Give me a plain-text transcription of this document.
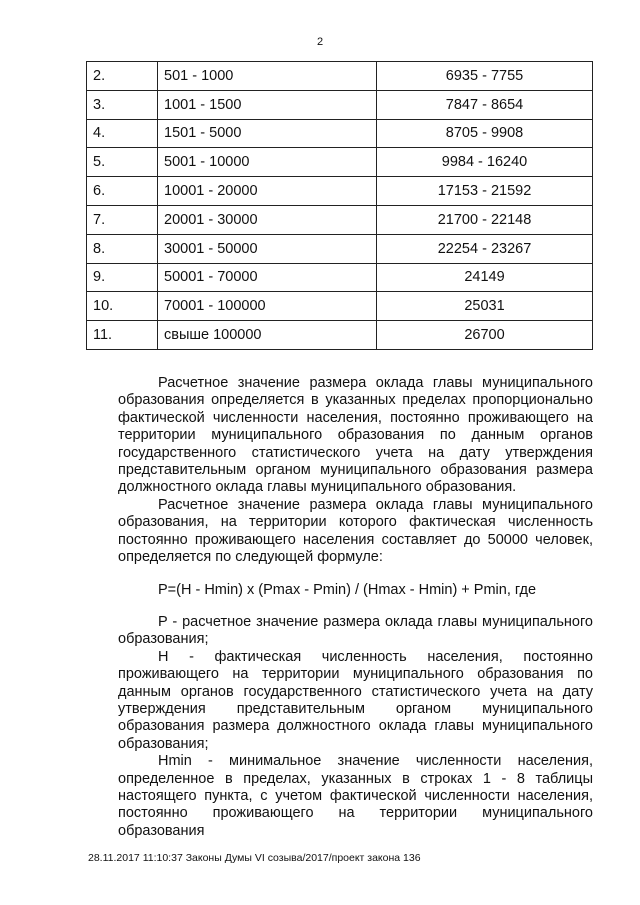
2
2.	501 - 1000	6935 - 7755
3.	1001 - 1500	7847 - 8654
4.	1501 - 5000	8705 - 9908
5.	5001 - 10000	9984 - 16240
6.	10001 - 20000	17153 - 21592
7.	20001 - 30000	21700 - 22148
8.	30001 - 50000	22254 - 23267
9.	50001 - 70000	24149
10.	70001 - 100000	25031
11.	свыше 100000	26700

Расчетное значение размера оклада главы муниципального образования определяется в указанных пределах пропорционально фактической численности населения, постоянно проживающего на территории муниципального образования по данным органов государственного статистического учета на дату утверждения представительным органом муниципального образования размера должностного оклада главы муниципального образования.

Расчетное значение размера оклада главы муниципального образования, на территории которого фактическая численность постоянно проживающего населения составляет до 50000 человек, определяется по следующей формуле:

P=(H - Hmin) x (Pmax - Pmin) / (Hmax - Hmin) + Pmin, где

P - расчетное значение размера оклада главы муниципального образования;

H - фактическая численность населения, постоянно проживающего на территории муниципального образования по данным органов государственного статистического учета на дату утверждения представительным органом муниципального образования размера должностного оклада главы муниципального образования;

Hmin - минимальное значение численности населения, определенное в пределах, указанных в строках 1 - 8 таблицы настоящего пункта, с учетом фактической численности населения, постоянно проживающего на территории муниципального образования

28.11.2017 11:10:37 Законы Думы VI созыва/2017/проект закона 136
